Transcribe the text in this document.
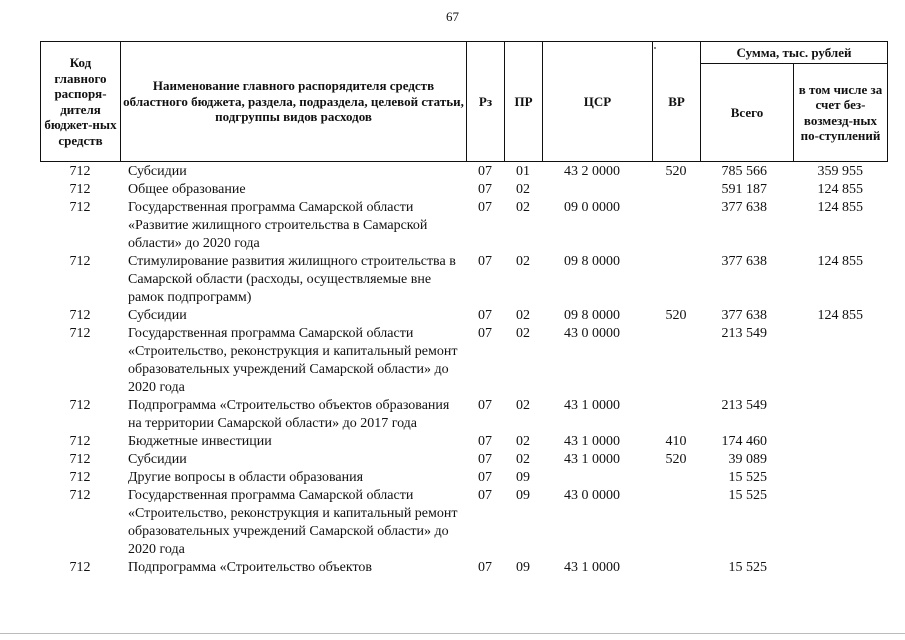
67
Код главного распоря-дителя бюджет-ных средств	Наименование главного распорядителя средств областного бюджета, раздела, подраздела, целевой статьи, подгруппы видов расходов	Рз	ПР	ЦСР	ВР	Сумма, тыс. рублей	
						Всего	в том числе за счет без-возмезд-ных по-ступлений
712	Субсидии	07	01	43 2 0000	520	785 566	359 955
712	Общее образование	07	02			591 187	124 855
712	Государственная программа Самарской области «Развитие жилищного строительства в Самарской области» до 2020 года	07	02	09 0 0000		377 638	124 855
712	Стимулирование развития жилищного строительства в Самарской области (расходы, осуществляемые вне рамок подпрограмм)	07	02	09 8 0000		377 638	124 855
712	Субсидии	07	02	09 8 0000	520	377 638	124 855
712	Государственная программа Самарской области «Строительство, реконструкция и капитальный ремонт образовательных учреждений Самарской области» до 2020 года	07	02	43 0 0000		213 549	
712	Подпрограмма «Строительство объектов образования на территории Самарской области» до 2017 года	07	02	43 1 0000		213 549	
712	Бюджетные инвестиции	07	02	43 1 0000	410	174 460	
712	Субсидии	07	02	43 1 0000	520	39 089	
712	Другие вопросы в области образования	07	09			15 525	
712	Государственная программа Самарской области «Строительство, реконструкция и капитальный ремонт образовательных учреждений Самарской области» до 2020 года	07	09	43 0 0000		15 525	
712	Подпрограмма «Строительство объектов	07	09	43 1 0000		15 525	
